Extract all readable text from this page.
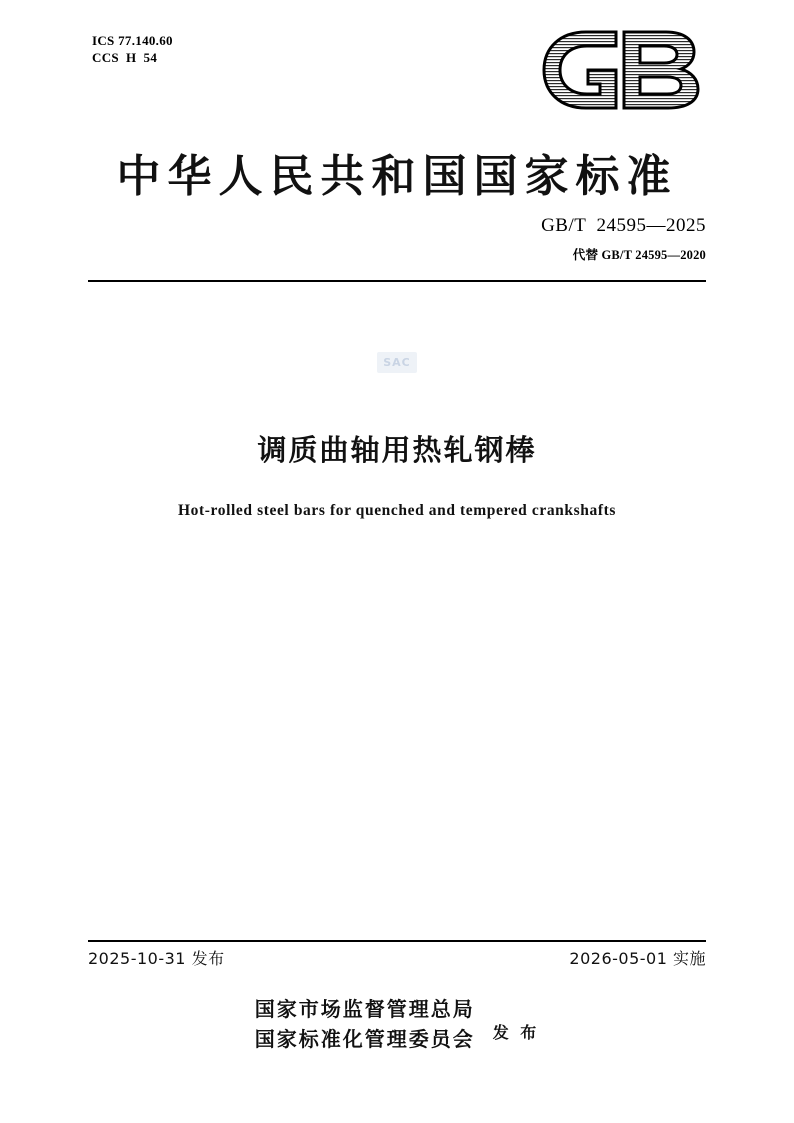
ICS 77.140.60
CCS  H  54
中华人民共和国国家标准
GB/T  24595—2025
代替 GB/T 24595—2020
SAC
调质曲轴用热轧钢棒
Hot-rolled steel bars for quenched and tempered crankshafts
2025-10-31 发布	2026-05-01 实施
国家市场监督管理总局
国家标准化管理委员会 发 布
